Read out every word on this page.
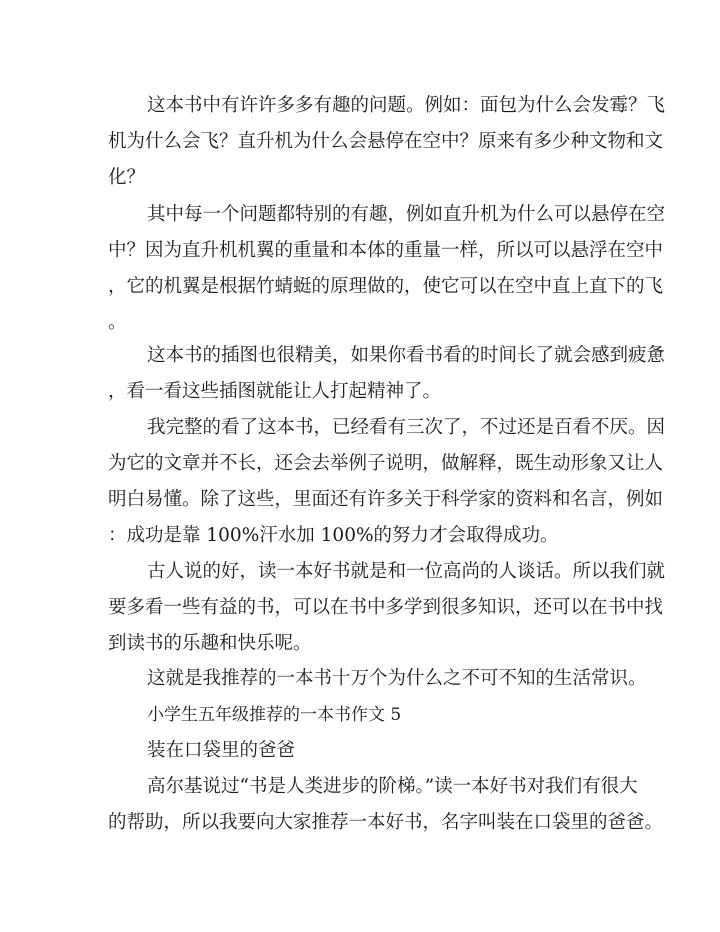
这本书中有许许多多有趣的问题。例如：面包为什么会发霉？飞
机为什么会飞？直升机为什么会悬停在空中？原来有多少种文物和文
化？
其中每一个问题都特别的有趣，例如直升机为什么可以悬停在空
中？因为直升机机翼的重量和本体的重量一样，所以可以悬浮在空中
，它的机翼是根据竹蜻蜓的原理做的，使它可以在空中直上直下的飞
。
这本书的插图也很精美，如果你看书看的时间长了就会感到疲惫
，看一看这些插图就能让人打起精神了。
我完整的看了这本书，已经看有三次了，不过还是百看不厌。因
为它的文章并不长，还会去举例子说明，做解释，既生动形象又让人
明白易懂。除了这些，里面还有许多关于科学家的资料和名言，例如
：成功是靠 100%汗水加 100%的努力才会取得成功。
古人说的好，读一本好书就是和一位高尚的人谈话。所以我们就
要多看一些有益的书，可以在书中多学到很多知识，还可以在书中找
到读书的乐趣和快乐呢。
这就是我推荐的一本书十万个为什么之不可不知的生活常识。
小学生五年级推荐的一本书作文 5
装在口袋里的爸爸
高尔基说过“书是人类进步的阶梯。”读一本好书对我们有很大
的帮助，所以我要向大家推荐一本好书，名字叫装在口袋里的爸爸。
